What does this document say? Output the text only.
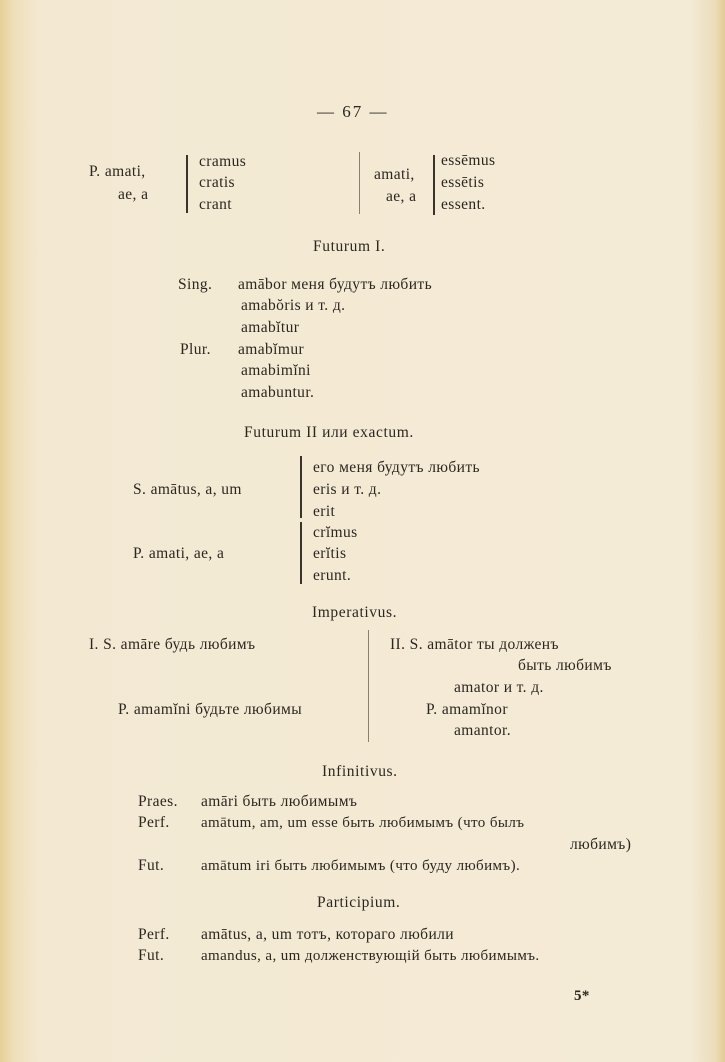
— 67 —
P. amati,
ae, a
cramus
cratis
crant
amati,
ae, a
essēmus
essētis
essent.
Futurum I.
Sing. amābor меня будутъ любить
amabŏris и т. д.
amabĭtur
Plur. amabĭmur
amabimĭni
amabuntur.
Futurum II или exactum.
S. amātus, a, um
его меня будутъ любить
eris и т. д.
erit
P. amati, ae, a
crĭmus
erĭtis
erunt.
Imperativus.
I. S. amāre будь любимъ
P. amamĭni будьте любимы
II. S. amātor ты долженъ
быть любимъ
amator и т. д.
P. amamĭnor
amantor.
Infinitivus.
Praes. amāri быть любимымъ
Perf. amātum, am, um esse быть любимымъ (что былъ
любимъ)
Fut. amātum iri быть любимымъ (что буду любимъ).
Participium.
Perf. amātus, a, um тотъ, котораго любили
Fut. amandus, a, um долженствующій быть любимымъ.
5*
